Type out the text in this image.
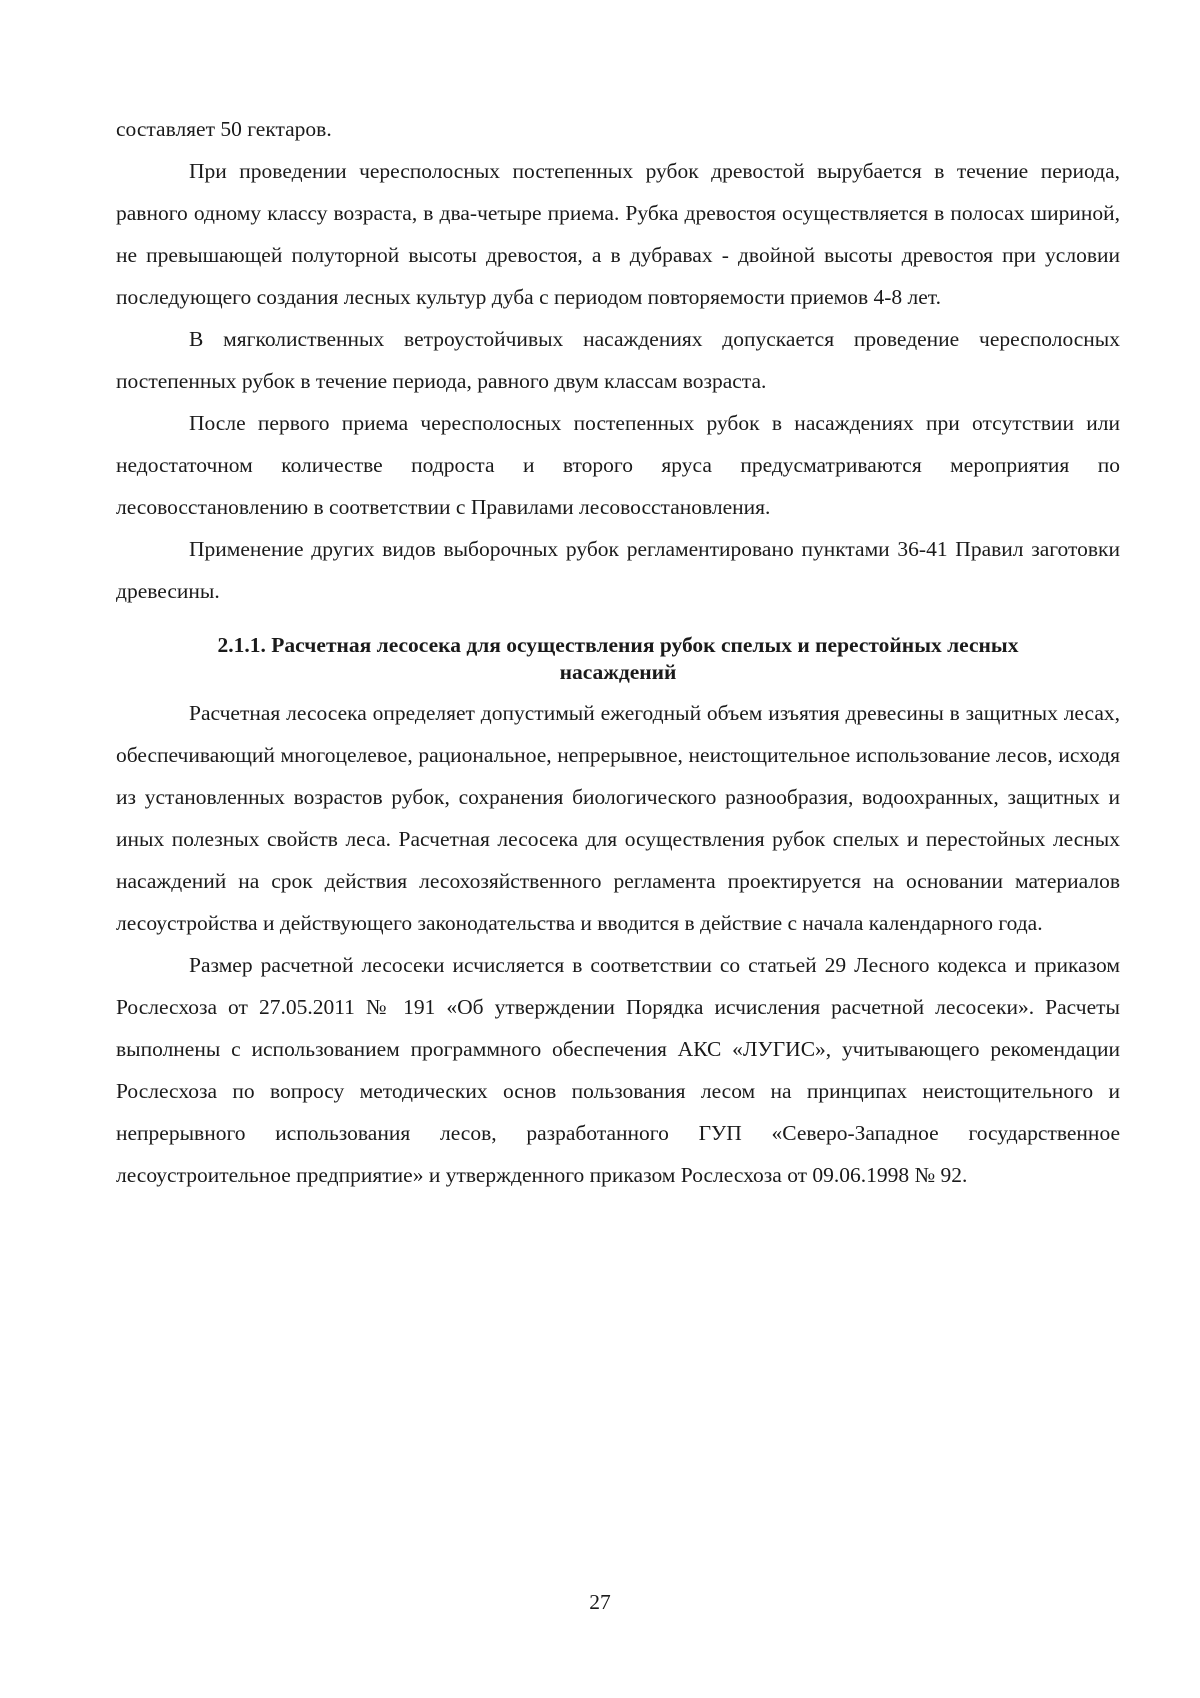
составляет 50 гектаров.

При проведении чересполосных постепенных рубок древостой вырубается в течение периода, равного одному классу возраста, в два-четыре приема. Рубка древостоя осуществляется в полосах шириной, не превышающей полуторной высоты древостоя, а в дубравах - двойной высоты древостоя при условии последующего создания лесных культур дуба с периодом повторяемости приемов 4-8 лет.

В мягколиственных ветроустойчивых насаждениях допускается проведение чересполосных постепенных рубок в течение периода, равного двум классам возраста.

После первого приема чересполосных постепенных рубок в насаждениях при отсутствии или недостаточном количестве подроста и второго яруса предусматриваются мероприятия по лесовосстановлению в соответствии с Правилами лесовосстановления.

Применение других видов выборочных рубок регламентировано пунктами 36-41 Правил заготовки древесины.

2.1.1. Расчетная лесосека для осуществления рубок спелых и перестойных лесных
насаждений

Расчетная лесосека определяет допустимый ежегодный объем изъятия древесины в защитных лесах, обеспечивающий многоцелевое, рациональное, непрерывное, неистощительное использование лесов, исходя из установленных возрастов рубок, сохранения биологического разнообразия, водоохранных, защитных и иных полезных свойств леса. Расчетная лесосека для осуществления рубок спелых и перестойных лесных насаждений на срок действия лесохозяйственного регламента проектируется на основании материалов лесоустройства и действующего законодательства и вводится в действие с начала календарного года.

Размер расчетной лесосеки исчисляется в соответствии со статьей 29 Лесного кодекса и приказом Рослесхоза от 27.05.2011 № 191 «Об утверждении Порядка исчисления расчетной лесосеки». Расчеты выполнены с использованием программного обеспечения АКС «ЛУГИС», учитывающего рекомендации Рослесхоза по вопросу методических основ пользования лесом на принципах неистощительного и непрерывного использования лесов, разработанного ГУП «Северо-Западное государственное лесоустроительное предприятие» и утвержденного приказом Рослесхоза от 09.06.1998 № 92.

27
